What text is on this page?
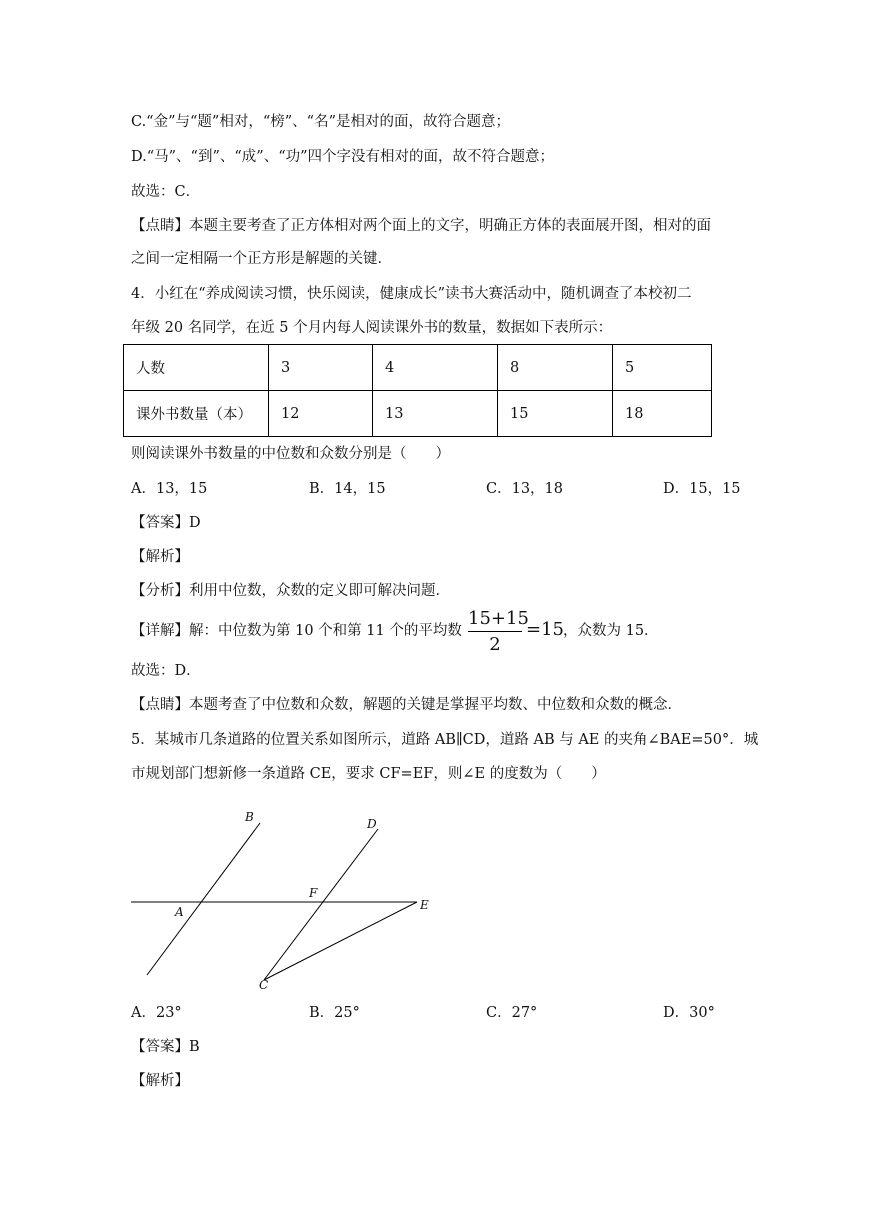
C.“金”与“题”相对，“榜”、“名”是相对的面，故符合题意；
D.“马”、“到”、“成”、“功”四个字没有相对的面，故不符合题意；
故选：C．
【点睛】本题主要考查了正方体相对两个面上的文字，明确正方体的表面展开图，相对的面
之间一定相隔一个正方形是解题的关键．
4．小红在“养成阅读习惯，快乐阅读，健康成长”读书大赛活动中，随机调查了本校初二
年级 20 名同学，在近 5 个月内每人阅读课外书的数量，数据如下表所示：
人数	3	4	8	5
课外书数量（本）	12	13	15	18
则阅读课外书数量的中位数和众数分别是（　　）
A．13，15	B．14，15	C．13，18	D．15，15
【答案】D
【解析】
【分析】利用中位数，众数的定义即可解决问题．
【详解】解：中位数为第 10 个和第 11 个的平均数
15+15
2
=15 ，众数为 15．
故选：D．
【点睛】本题考查了中位数和众数，解题的关键是掌握平均数、中位数和众数的概念．
5．某城市几条道路的位置关系如图所示，道路 AB∥CD，道路 AB 与 AE 的夹角∠BAE=50°．城
市规划部门想新修一条道路 CE，要求 CF=EF，则∠E 的度数为（　　）
B	D
F
A	E
C
A．23°	B．25°	C．27°	D．30°
【答案】B
【解析】
